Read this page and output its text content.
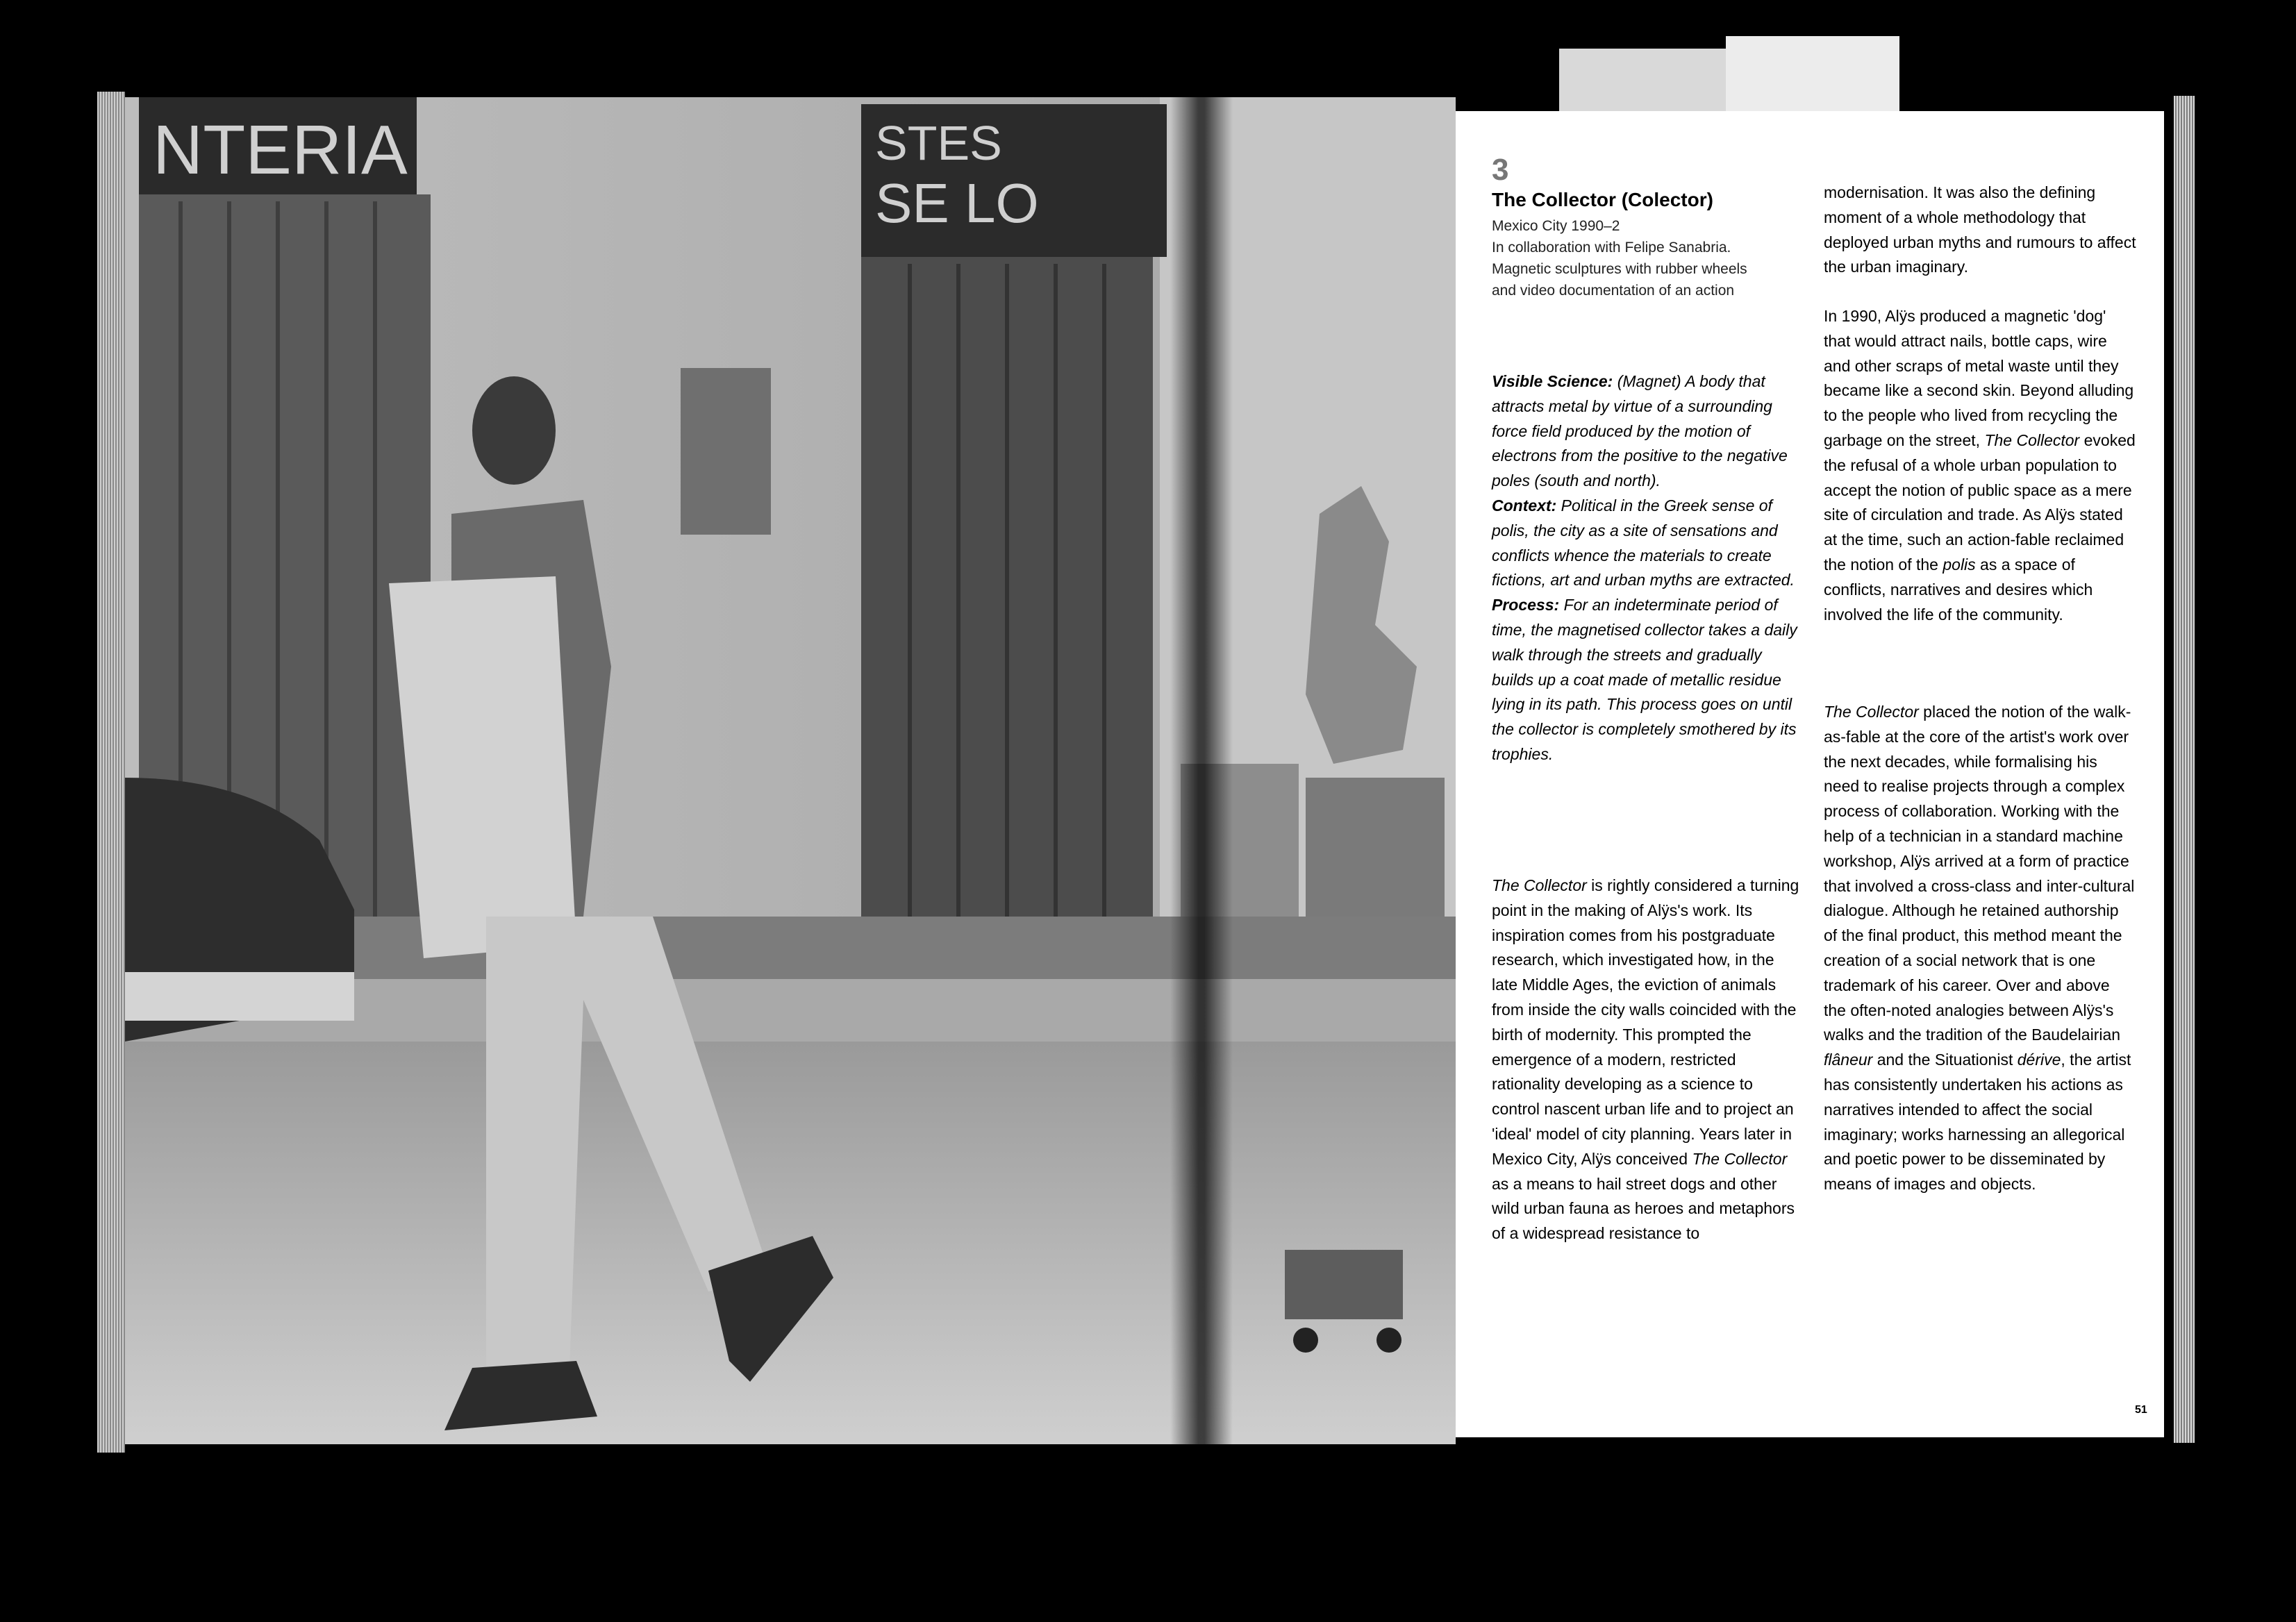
NTERIA	STES
SE LO
3
The Collector (Colector)
Mexico City 1990–2
In collaboration with Felipe Sanabria.
Magnetic sculptures with rubber wheels
and video documentation of an action
Visible Science: (Magnet) A body that attracts metal by virtue of a surrounding force field produced by the motion of electrons from the positive to the negative poles (south and north).
Context: Political in the Greek sense of polis, the city as a site of sensations and conflicts whence the materials to create fictions, art and urban myths are extracted.
Process: For an indeterminate period of time, the magnetised collector takes a daily walk through the streets and gradually builds up a coat made of metallic residue lying in its path. This process goes on until the collector is completely smothered by its trophies.
The Collector is rightly considered a turning point in the making of Alÿs's work. Its inspiration comes from his postgraduate research, which investigated how, in the late Middle Ages, the eviction of animals from inside the city walls coincided with the birth of modernity. This prompted the emergence of a modern, restricted rationality developing as a science to control nascent urban life and to project an 'ideal' model of city planning. Years later in Mexico City, Alÿs conceived The Collector as a means to hail street dogs and other wild urban fauna as heroes and metaphors of a widespread resistance to
modernisation. It was also the defining moment of a whole methodology that deployed urban myths and rumours to affect the urban imaginary.
In 1990, Alÿs produced a magnetic 'dog' that would attract nails, bottle caps, wire and other scraps of metal waste until they became like a second skin. Beyond alluding to the people who lived from recycling the garbage on the street, The Collector evoked the refusal of a whole urban population to accept the notion of public space as a mere site of circulation and trade. As Alÿs stated at the time, such an action-fable reclaimed the notion of the polis as a space of conflicts, narratives and desires which involved the life of the community.
The Collector placed the notion of the walk-as-fable at the core of the artist's work over the next decades, while formalising his need to realise projects through a complex process of collaboration. Working with the help of a technician in a standard machine workshop, Alÿs arrived at a form of practice that involved a cross-class and inter-cultural dialogue. Although he retained authorship of the final product, this method meant the creation of a social network that is one trademark of his career. Over and above the often-noted analogies between Alÿs's walks and the tradition of the Baudelairian flâneur and the Situationist dérive, the artist has consistently undertaken his actions as narratives intended to affect the social imaginary; works harnessing an allegorical and poetic power to be disseminated by means of images and objects.
51
